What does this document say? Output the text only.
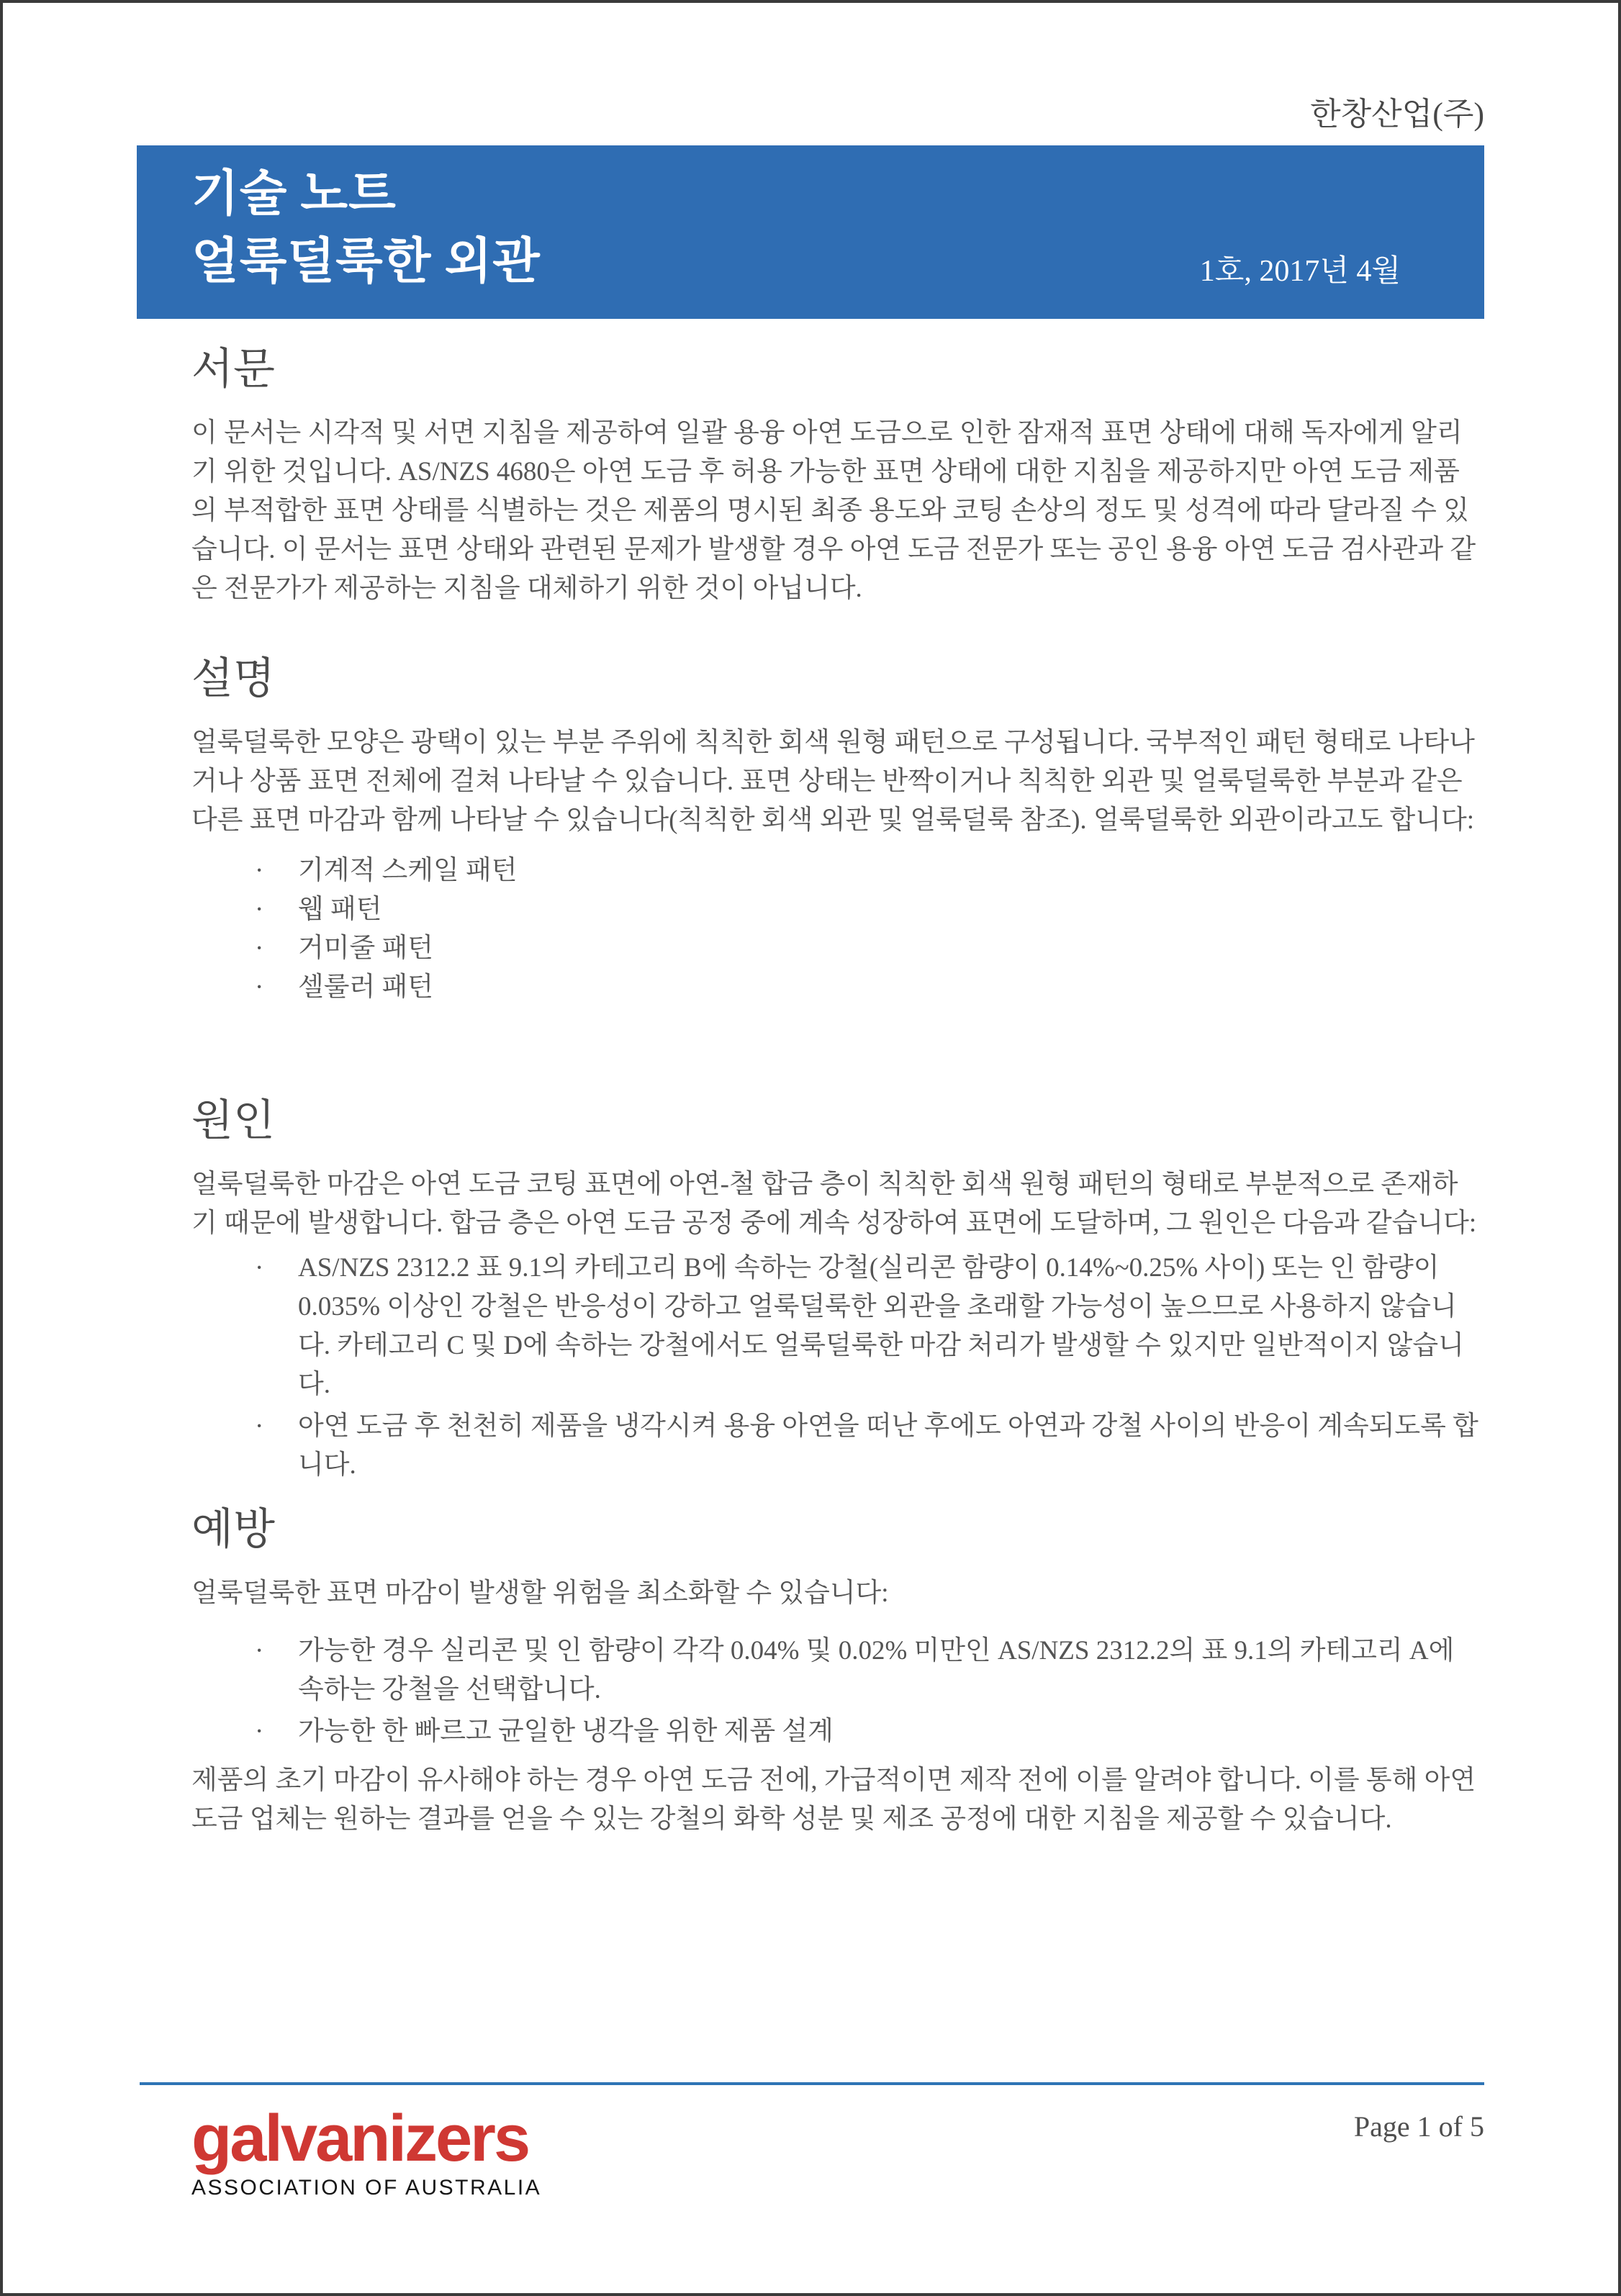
한창산업(주)
기술 노트
얼룩덜룩한 외관	1호, 2017년 4월
서문

이 문서는 시각적 및 서면 지침을 제공하여 일괄 용융 아연 도금으로 인한 잠재적 표면 상태에 대해 독자에게 알리기 위한 것입니다. AS/NZS 4680은 아연 도금 후 허용 가능한 표면 상태에 대한 지침을 제공하지만 아연 도금 제품의 부적합한 표면 상태를 식별하는 것은 제품의 명시된 최종 용도와 코팅 손상의 정도 및 성격에 따라 달라질 수 있습니다. 이 문서는 표면 상태와 관련된 문제가 발생할 경우 아연 도금 전문가 또는 공인 용융 아연 도금 검사관과 같은 전문가가 제공하는 지침을 대체하기 위한 것이 아닙니다.

설명

얼룩덜룩한 모양은 광택이 있는 부분 주위에 칙칙한 회색 원형 패턴으로 구성됩니다. 국부적인 패턴 형태로 나타나거나 상품 표면 전체에 걸쳐 나타날 수 있습니다. 표면 상태는 반짝이거나 칙칙한 외관 및 얼룩덜룩한 부분과 같은 다른 표면 마감과 함께 나타날 수 있습니다(칙칙한 회색 외관 및 얼룩덜룩 참조). 얼룩덜룩한 외관이라고도 합니다:

·	기계적 스케일 패턴
·	웹 패턴
·	거미줄 패턴
·	셀룰러 패턴
원인

얼룩덜룩한 마감은 아연 도금 코팅 표면에 아연-철 합금 층이 칙칙한 회색 원형 패턴의 형태로 부분적으로 존재하기 때문에 발생합니다. 합금 층은 아연 도금 공정 중에 계속 성장하여 표면에 도달하며, 그 원인은 다음과 같습니다:

·	AS/NZS 2312.2 표 9.1의 카테고리 B에 속하는 강철(실리콘 함량이 0.14%~0.25% 사이) 또는 인 함량이 0.035% 이상인 강철은 반응성이 강하고 얼룩덜룩한 외관을 초래할 가능성이 높으므로 사용하지 않습니다. 카테고리 C 및 D에 속하는 강철에서도 얼룩덜룩한 마감 처리가 발생할 수 있지만 일반적이지 않습니다.
·	아연 도금 후 천천히 제품을 냉각시켜 용융 아연을 떠난 후에도 아연과 강철 사이의 반응이 계속되도록 합니다.
예방

얼룩덜룩한 표면 마감이 발생할 위험을 최소화할 수 있습니다:

·	가능한 경우 실리콘 및 인 함량이 각각 0.04% 및 0.02% 미만인 AS/NZS 2312.2의 표 9.1의 카테고리 A에 속하는 강철을 선택합니다.
·	가능한 한 빠르고 균일한 냉각을 위한 제품 설계

제품의 초기 마감이 유사해야 하는 경우 아연 도금 전에, 가급적이면 제작 전에 이를 알려야 합니다. 이를 통해 아연 도금 업체는 원하는 결과를 얻을 수 있는 강철의 화학 성분 및 제조 공정에 대한 지침을 제공할 수 있습니다.

galvanizers
ASSOCIATION OF AUSTRALIA
Page 1 of 5
